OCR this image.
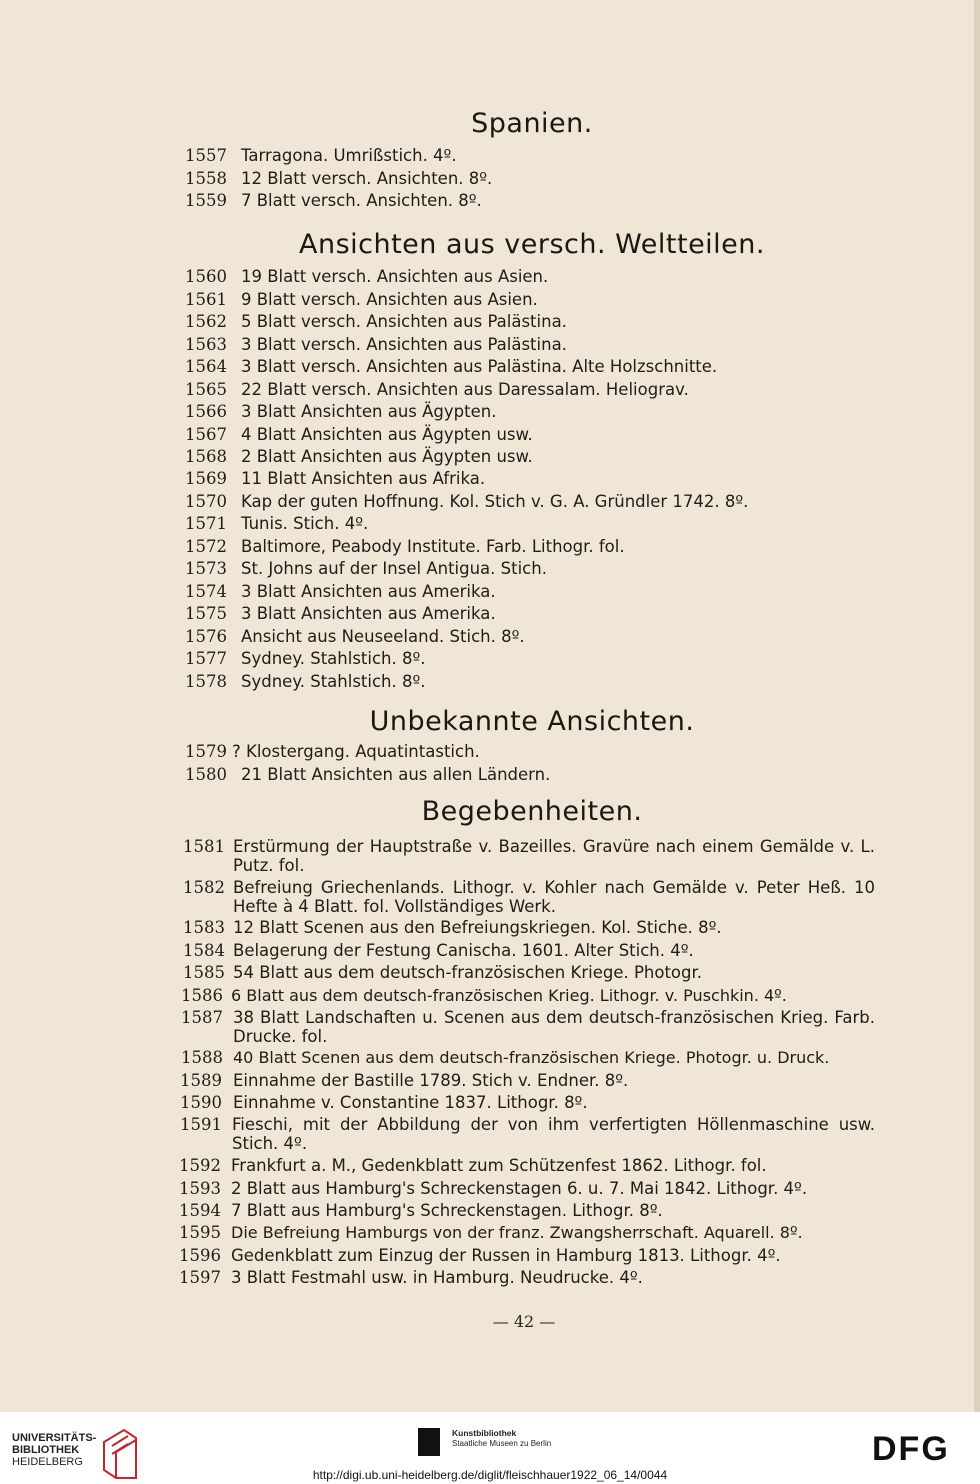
Spanien.
1557 Tarragona. Umrißstich. 4º.
1558 12 Blatt versch. Ansichten. 8º.
1559 7 Blatt versch. Ansichten. 8º.
Ansichten aus versch. Weltteilen.
1560 19 Blatt versch. Ansichten aus Asien.
1561 9 Blatt versch. Ansichten aus Asien.
1562 5 Blatt versch. Ansichten aus Palästina.
1563 3 Blatt versch. Ansichten aus Palästina.
1564 3 Blatt versch. Ansichten aus Palästina. Alte Holzschnitte.
1565 22 Blatt versch. Ansichten aus Daressalam. Heliograv.
1566 3 Blatt Ansichten aus Ägypten.
1567 4 Blatt Ansichten aus Ägypten usw.
1568 2 Blatt Ansichten aus Ägypten usw.
1569 11 Blatt Ansichten aus Afrika.
1570 Kap der guten Hoffnung. Kol. Stich v. G. A. Gründler 1742. 8º.
1571 Tunis. Stich. 4º.
1572 Baltimore, Peabody Institute. Farb. Lithogr. fol.
1573 St. Johns auf der Insel Antigua. Stich.
1574 3 Blatt Ansichten aus Amerika.
1575 3 Blatt Ansichten aus Amerika.
1576 Ansicht aus Neuseeland. Stich. 8º.
1577 Sydney. Stahlstich. 8º.
1578 Sydney. Stahlstich. 8º.
Unbekannte Ansichten.
1579 ? Klostergang. Aquatintastich.
1580 21 Blatt Ansichten aus allen Ländern.
Begebenheiten.
1581 Erstürmung der Hauptstraße v. Bazeilles. Gravüre nach einem Gemälde v. L. Putz. fol.
1582 Befreiung Griechenlands. Lithogr. v. Kohler nach Gemälde v. Peter Heß. 10 Hefte à 4 Blatt. fol. Vollständiges Werk.
1583 12 Blatt Scenen aus den Befreiungskriegen. Kol. Stiche. 8º.
1584 Belagerung der Festung Canischa. 1601. Alter Stich. 4º.
1585 54 Blatt aus dem deutsch-französischen Kriege. Photogr.
1586 6 Blatt aus dem deutsch-französischen Krieg. Lithogr. v. Puschkin. 4º.
1587 38 Blatt Landschaften u. Scenen aus dem deutsch-französischen Krieg. Farb. Drucke. fol.
1588 40 Blatt Scenen aus dem deutsch-französischen Kriege. Photogr. u. Druck.
1589 Einnahme der Bastille 1789. Stich v. Endner. 8º.
1590 Einnahme v. Constantine 1837. Lithogr. 8º.
1591 Fieschi, mit der Abbildung der von ihm verfertigten Höllenmaschine usw. Stich. 4º.
1592 Frankfurt a. M., Gedenkblatt zum Schützenfest 1862. Lithogr. fol.
1593 2 Blatt aus Hamburg's Schreckenstagen 6. u. 7. Mai 1842. Lithogr. 4º.
1594 7 Blatt aus Hamburg's Schreckenstagen. Lithogr. 8º.
1595 Die Befreiung Hamburgs von der franz. Zwangsherrschaft. Aquarell. 8º.
1596 Gedenkblatt zum Einzug der Russen in Hamburg 1813. Lithogr. 4º.
1597 3 Blatt Festmahl usw. in Hamburg. Neudrucke. 4º.
— 42 —
UNIVERSITÄTS-
BIBLIOTHEK
HEIDELBERG
Kunstbibliothek
Staatliche Museen zu Berlin	DFG
http://digi.ub.uni-heidelberg.de/diglit/fleischhauer1922_06_14/0044
